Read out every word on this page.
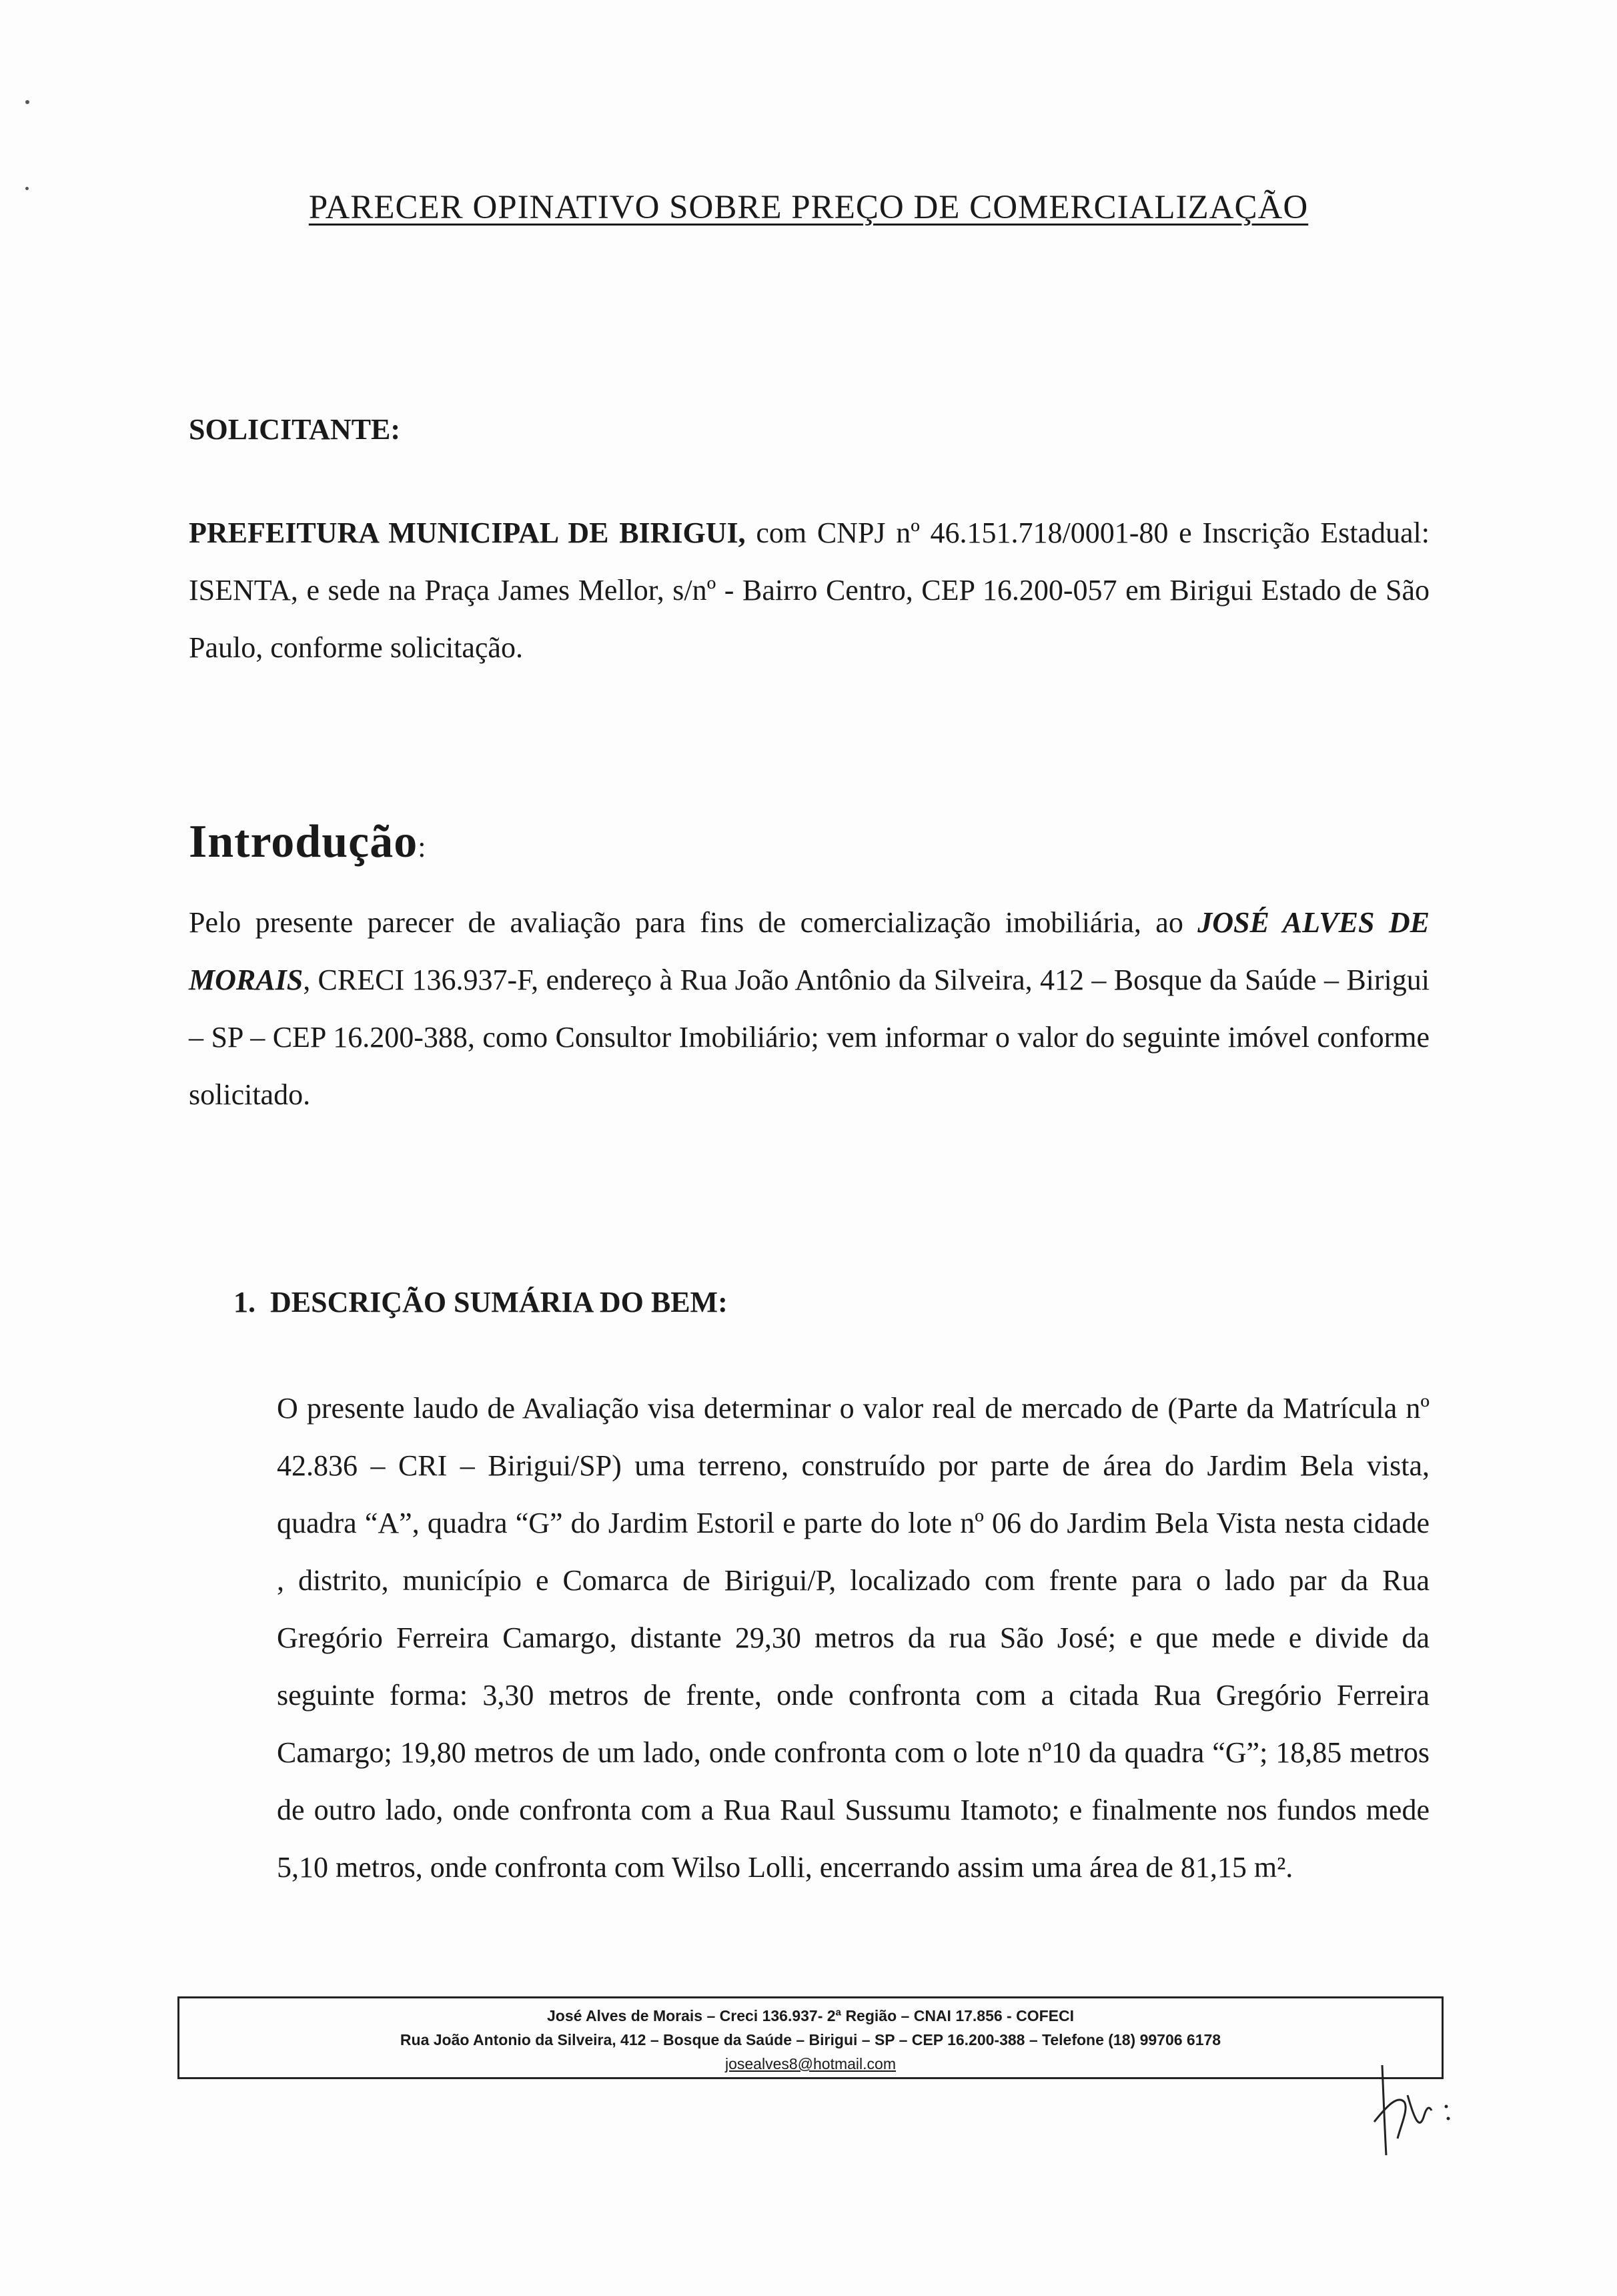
PARECER OPINATIVO SOBRE PREÇO DE COMERCIALIZAÇÃO

SOLICITANTE:

PREFEITURA MUNICIPAL DE BIRIGUI, com CNPJ nº 46.151.718/0001-80 e Inscrição Estadual: ISENTA, e sede na Praça James Mellor, s/nº - Bairro Centro, CEP 16.200-057 em Birigui Estado de São Paulo, conforme solicitação.

Introdução:

Pelo presente parecer de avaliação para fins de comercialização imobiliária, ao JOSÉ ALVES DE MORAIS, CRECI 136.937-F, endereço à Rua João Antônio da Silveira, 412 – Bosque da Saúde – Birigui – SP – CEP 16.200-388, como Consultor Imobiliário; vem informar o valor do seguinte imóvel conforme solicitado.

1.  DESCRIÇÃO SUMÁRIA DO BEM:

O presente laudo de Avaliação visa determinar o valor real de mercado de (Parte da Matrícula nº 42.836 – CRI – Birigui/SP) uma terreno, construído por parte de área do Jardim Bela vista, quadra “A”, quadra “G” do Jardim Estoril e parte do lote nº 06 do Jardim Bela Vista nesta cidade , distrito, município e Comarca de Birigui/P, localizado com frente para o lado par da Rua Gregório Ferreira Camargo, distante 29,30 metros da rua São José; e que mede e divide da seguinte forma: 3,30 metros de frente, onde confronta com a citada Rua Gregório Ferreira Camargo; 19,80 metros de um lado, onde confronta com o lote nº10 da quadra “G”; 18,85 metros de outro lado, onde confronta com a Rua Raul Sussumu Itamoto; e finalmente nos fundos mede 5,10 metros, onde confronta com Wilso Lolli, encerrando assim uma área de 81,15 m².

José Alves de Morais – Creci 136.937- 2ª Região – CNAI 17.856 - COFECI
Rua João Antonio da Silveira, 412 – Bosque da Saúde – Birigui – SP – CEP 16.200-388 – Telefone (18) 99706 6178
josealves8@hotmail.com
